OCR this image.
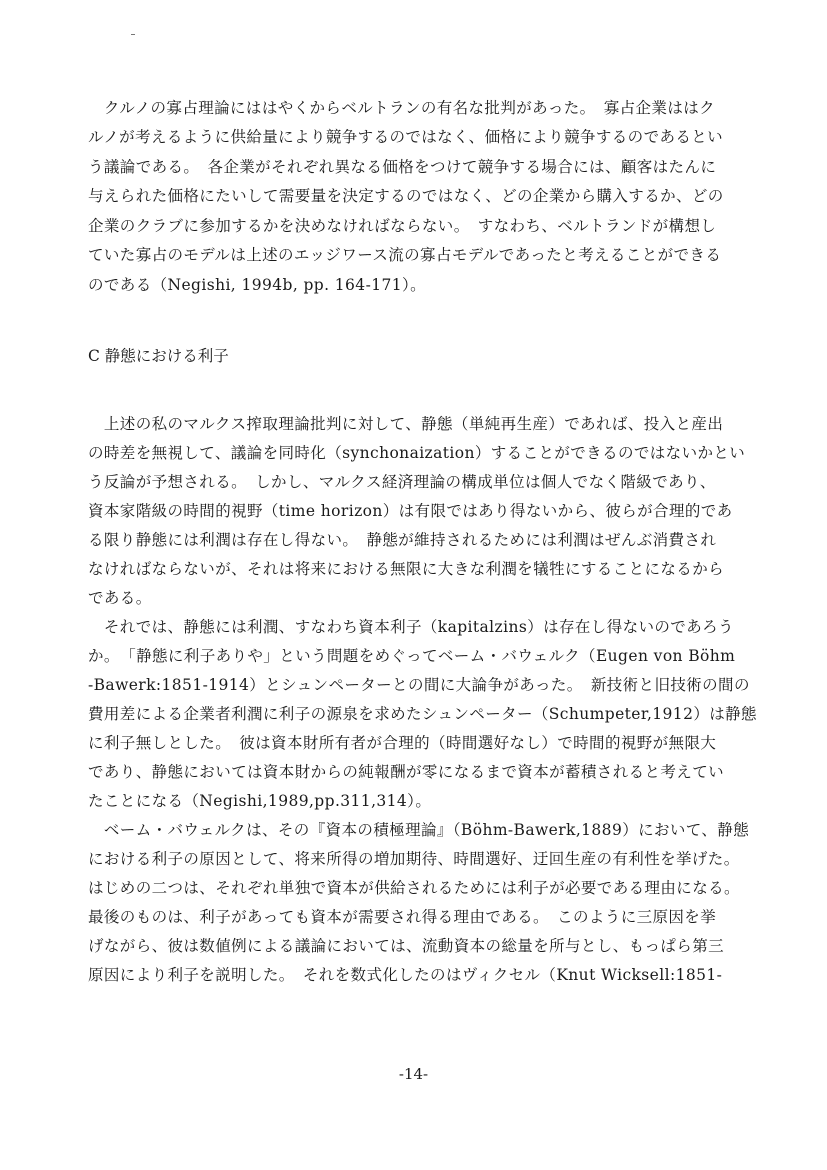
　クルノの寡占理論にははやくからベルトランの有名な批判があった。　寡占企業ははク
ルノが考えるように供給量により競争するのではなく、価格により競争するのであるとい
う議論である。　各企業がそれぞれ異なる価格をつけて競争する場合には、顧客はたんに
与えられた価格にたいして需要量を決定するのではなく、どの企業から購入するか、どの
企業のクラブに参加するかを決めなければならない。　すなわち、ベルトランドが構想し
ていた寡占のモデルは上述のエッジワース流の寡占モデルであったと考えることができる
のである（Negishi, 1994b, pp. 164-171）。
C 静態における利子
　上述の私のマルクス搾取理論批判に対して、静態（単純再生産）であれば、投入と産出
の時差を無視して、議論を同時化（synchonaization）することができるのではないかとい
う反論が予想される。　しかし、マルクス経済理論の構成単位は個人でなく階級であり、
資本家階級の時間的視野（time horizon）は有限ではあり得ないから、彼らが合理的であ
る限り静態には利潤は存在し得ない。　静態が維持されるためには利潤はぜんぶ消費され
なければならないが、それは将来における無限に大きな利潤を犠牲にすることになるから
である。
　それでは、静態には利潤、すなわち資本利子（kapitalzins）は存在し得ないのであろう
か。　「静態に利子ありや」という問題をめぐってベーム・バウェルク（Eugen von Böhm
-Bawerk:1851-1914）とシュンペーターとの間に大論争があった。　新技術と旧技術の間の
費用差による企業者利潤に利子の源泉を求めたシュンペーター（Schumpeter,1912）は静態
に利子無しとした。　彼は資本財所有者が合理的（時間選好なし）で時間的視野が無限大
であり、静態においては資本財からの純報酬が零になるまで資本が蓄積されると考えてい
たことになる（Negishi,1989,pp.311,314）。
　ベーム・バウェルクは、その『資本の積極理論』（Böhm-Bawerk,1889）において、静態
における利子の原因として、将来所得の増加期待、時間選好、迂回生産の有利性を挙げた。
はじめの二つは、それぞれ単独で資本が供給されるためには利子が必要である理由になる。
最後のものは、利子があっても資本が需要され得る理由である。　このように三原因を挙
げながら、彼は数値例による議論においては、流動資本の総量を所与とし、もっぱら第三
原因により利子を説明した。　それを数式化したのはヴィクセル（Knut Wicksell:1851-
-14-
